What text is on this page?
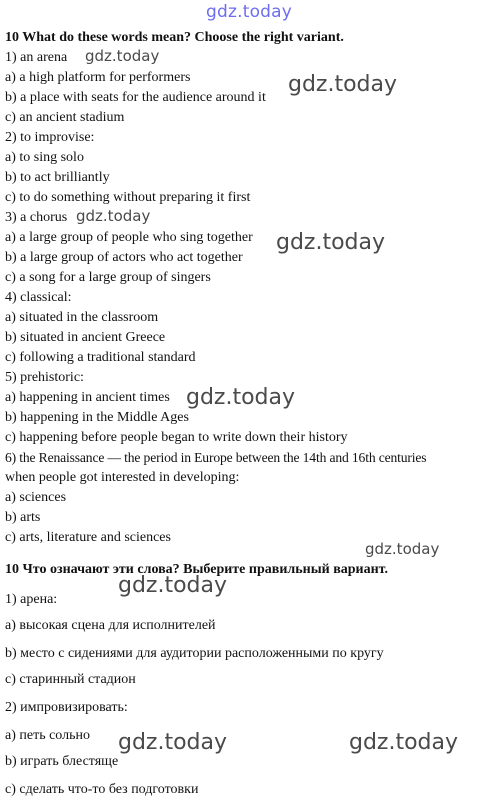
gdz.today
10 What do these words mean? Choose the right variant.
1) an arena
a) a high platform for performers
b) a place with seats for the audience around it
c) an ancient stadium
2) to improvise:
a) to sing solo
b) to act brilliantly
c) to do something without preparing it first
3) a chorus
a) a large group of people who sing together
b) a large group of actors who act together
c) a song for a large group of singers
4) classical:
a) situated in the classroom
b) situated in ancient Greece
c) following a traditional standard
5) prehistoric:
a) happening in ancient times
b) happening in the Middle Ages
c) happening before people began to write down their history
6) the Renaissance — the period in Europe between the 14th and 16th centuries
when people got interested in developing:
a) sciences
b) arts
c) arts, literature and sciences
10 Что означают эти слова? Выберите правильный вариант.
1) арена:
а) высокая сцена для исполнителей
b) место с сидениями для аудитории расположенными по кругу
с) старинный стадион
2) импровизировать:
а) петь сольно
b) играть блестяще
с) сделать что-то без подготовки
gdz.today
gdz.today
gdz.today
gdz.today
gdz.today
gdz.today
gdz.today
gdz.today	gdz.today
